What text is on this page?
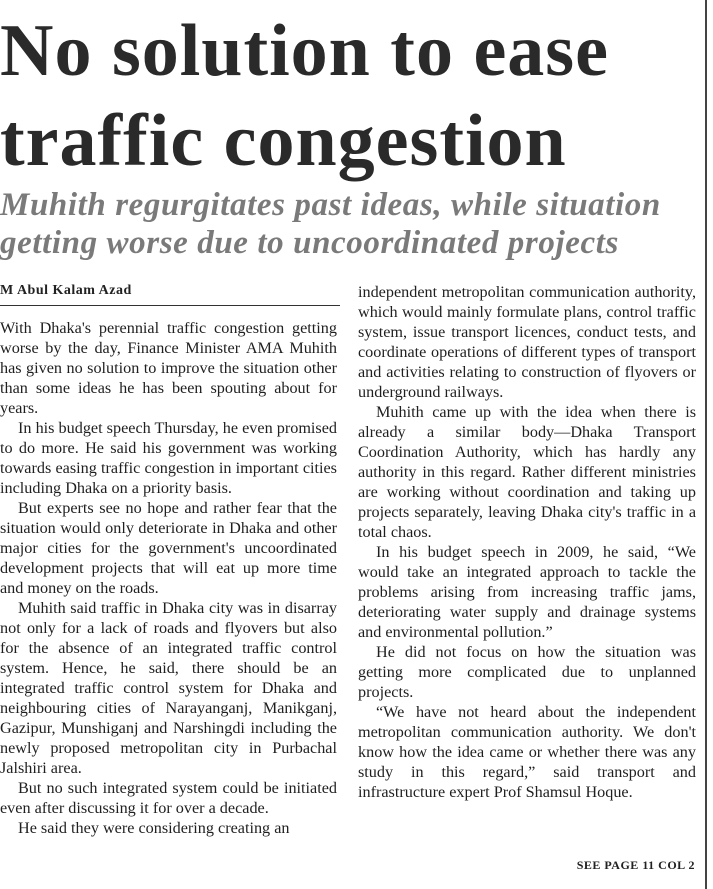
No solution to ease traffic congestion
Muhith regurgitates past ideas, while situation getting worse due to uncoordinated projects
M Abul Kalam Azad

With Dhaka's perennial traffic congestion getting worse by the day, Finance Minister AMA Muhith has given no solution to improve the situation other than some ideas he has been spouting about for years.

In his budget speech Thursday, he even promised to do more. He said his government was working towards easing traffic congestion in important cities including Dhaka on a priority basis.

But experts see no hope and rather fear that the situation would only deteriorate in Dhaka and other major cities for the government's uncoordinated development projects that will eat up more time and money on the roads.

Muhith said traffic in Dhaka city was in disarray not only for a lack of roads and flyovers but also for the absence of an integrated traffic control system. Hence, he said, there should be an integrated traffic control system for Dhaka and neighbouring cities of Narayanganj, Manikganj, Gazipur, Munshiganj and Narshingdi including the newly proposed metropolitan city in Purbachal Jalshiri area.

But no such integrated system could be initiated even after discussing it for over a decade.

He said they were considering creating an

independent metropolitan communication authority, which would mainly formulate plans, control traffic system, issue transport licences, conduct tests, and coordinate operations of different types of transport and activities relating to construction of flyovers or underground railways.

Muhith came up with the idea when there is already a similar body—Dhaka Transport Coordination Authority, which has hardly any authority in this regard. Rather different ministries are working without coordination and taking up projects separately, leaving Dhaka city's traffic in a total chaos.

In his budget speech in 2009, he said, “We would take an integrated approach to tackle the problems arising from increasing traffic jams, deteriorating water supply and drainage systems and environmental pollution.”

He did not focus on how the situation was getting more complicated due to unplanned projects.

“We have not heard about the independent metropolitan communication authority. We don't know how the idea came or whether there was any study in this regard,” said transport and infrastructure expert Prof Shamsul Hoque.

SEE PAGE 11 COL 2
